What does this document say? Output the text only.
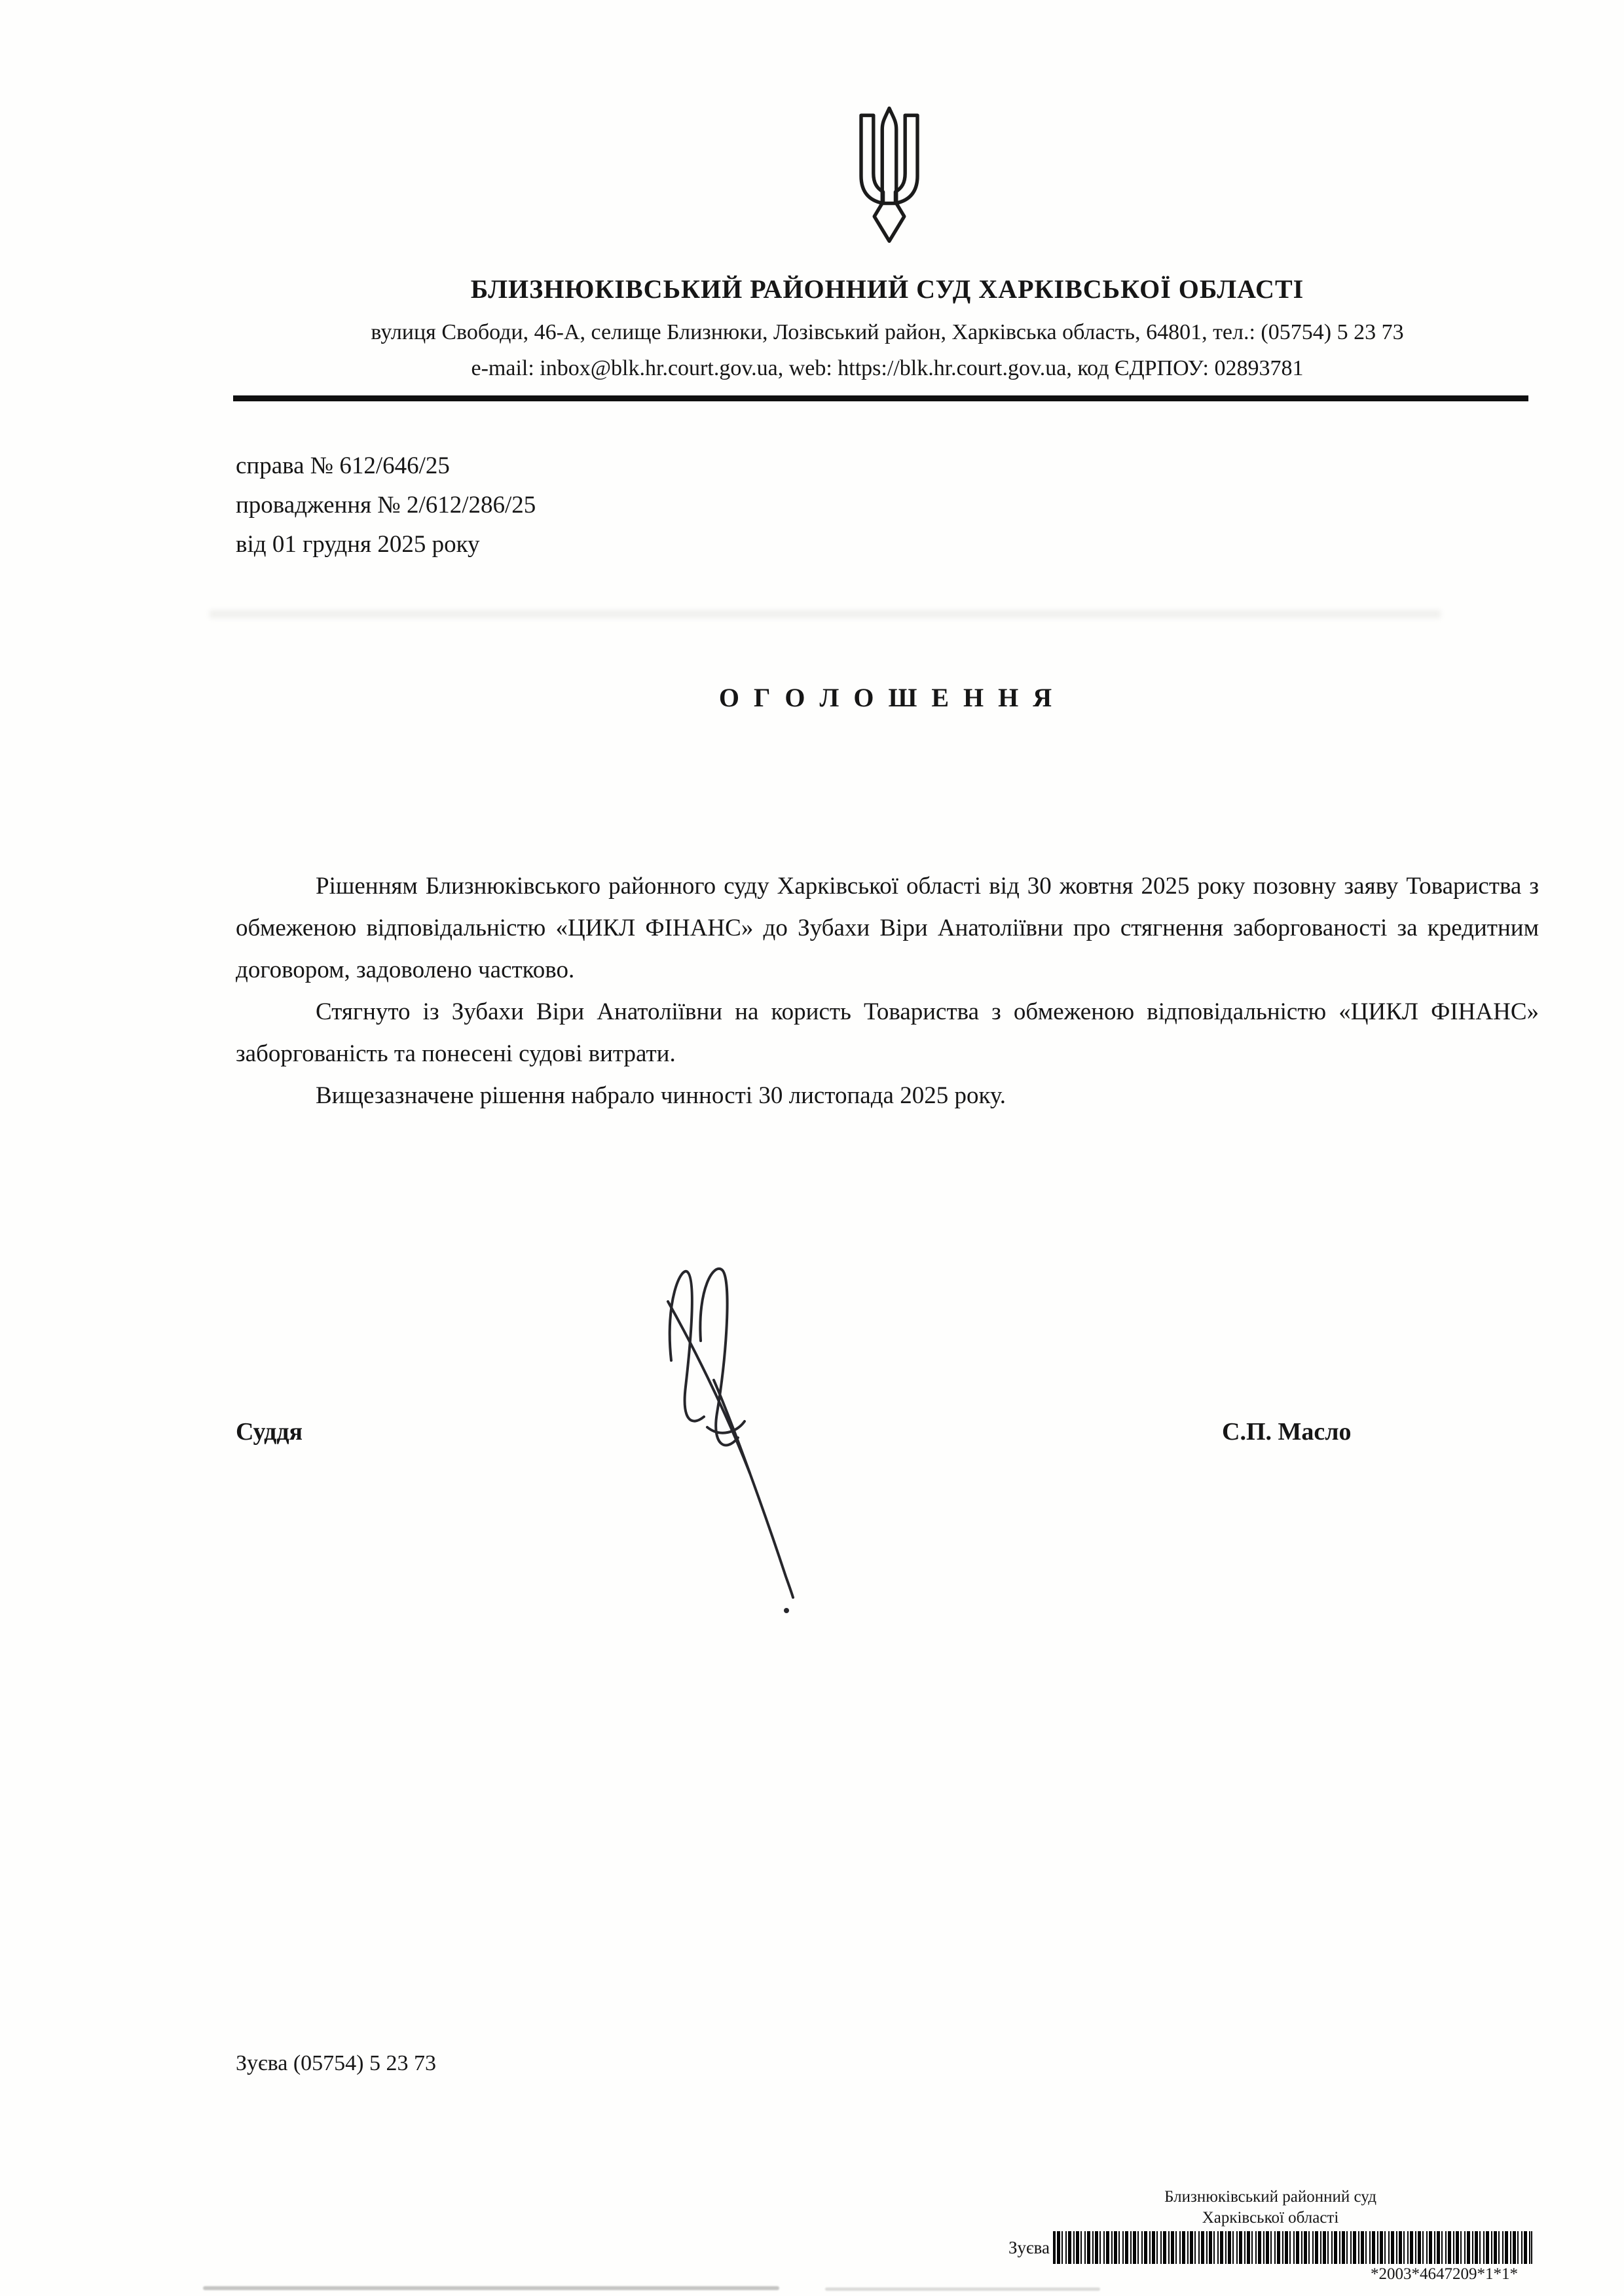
БЛИЗНЮКІВСЬКИЙ РАЙОННИЙ СУД ХАРКІВСЬКОЇ ОБЛАСТІ
вулиця Свободи, 46-А, селище Близнюки, Лозівський район, Харківська область, 64801, тел.: (05754) 5 23 73
e-mail: inbox@blk.hr.court.gov.ua, web: https://blk.hr.court.gov.ua, код ЄДРПОУ: 02893781
справа № 612/646/25
провадження № 2/612/286/25
від 01 грудня 2025 року
О Г О Л О Ш Е Н Н Я

Рішенням Близнюківського районного суду Харківської області від 30 жовтня 2025 року позовну заяву Товариства з обмеженою відповідальністю «ЦИКЛ ФІНАНС» до Зубахи Віри Анатоліївни про стягнення заборгованості за кредитним договором, задоволено частково.

Стягнуто із Зубахи Віри Анатоліївни на користь Товариства з обмеженою відповідальністю «ЦИКЛ ФІНАНС» заборгованість та понесені судові витрати.

Вищезазначене рішення набрало чинності 30 листопада 2025 року.

Суддя	С.П. Масло
Зуєва (05754) 5 23 73
Близнюківський районний суд
Харківської області
Зуєва
*2003*4647209*1*1*
